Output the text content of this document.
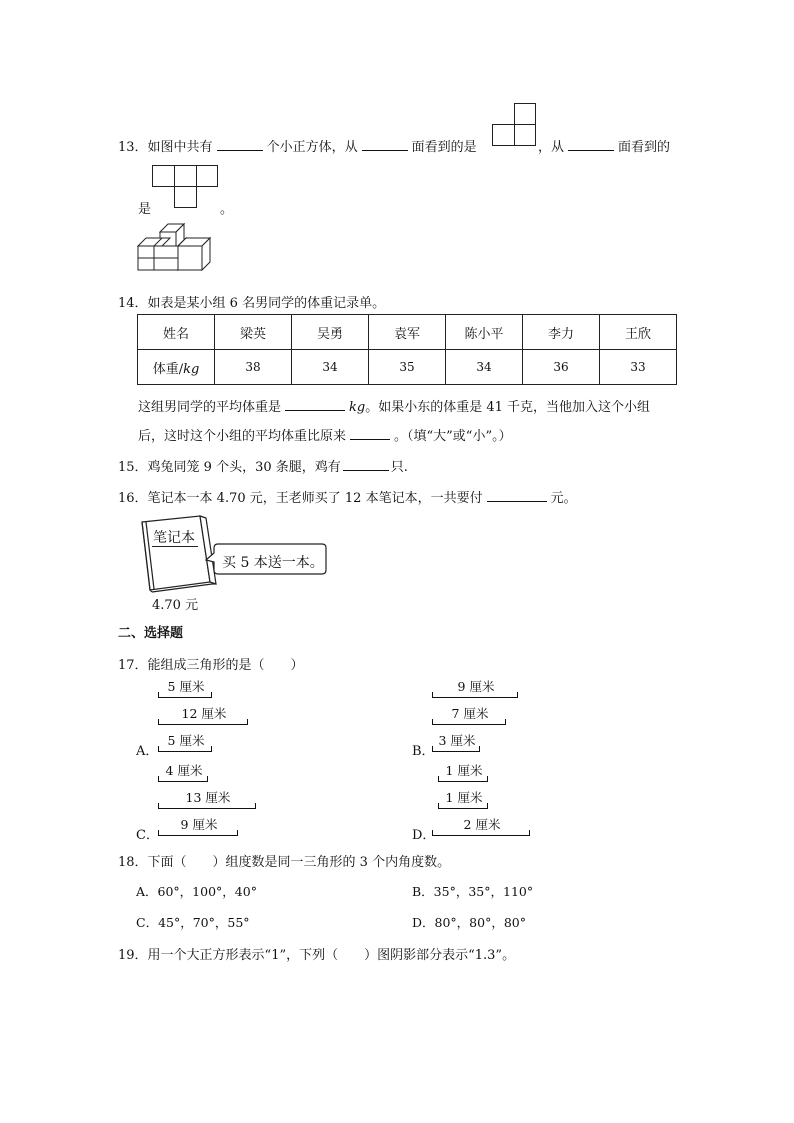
13．如图中共有	个小正方体，从	面看到的是	，从	面看到的
是	。
14．如表是某小组 6 名男同学的体重记录单。
姓名	梁英	吴勇	袁军	陈小平	李力	王欣
体重/kg	38	34	35	34	36	33
这组男同学的平均体重是	kg。如果小东的体重是 41 千克，当他加入这个小组
后，这时这个小组的平均体重比原来	。（填“大”或“小”。）
15．鸡兔同笼 9 个头，30 条腿，鸡有	只.
16．笔记本一本 4.70 元，王老师买了 12 本笔记本，一共要付	元。
笔记本
4.70 元
买 5 本送一本。
二、选择题
17．能组成三角形的是（　　）
5 厘米
12 厘米
A．
5 厘米
9 厘米
7 厘米
B．
3 厘米
4 厘米
13 厘米
C．
9 厘米
1 厘米
1 厘米
D．
2 厘米
18．下面（　　）组度数是同一三角形的 3 个内角度数。
A．60°，100°，40°	B．35°，35°，110°
C．45°，70°，55°	D．80°，80°，80°
19．用一个大正方形表示“1”，下列（　　）图阴影部分表示“1.3”。
